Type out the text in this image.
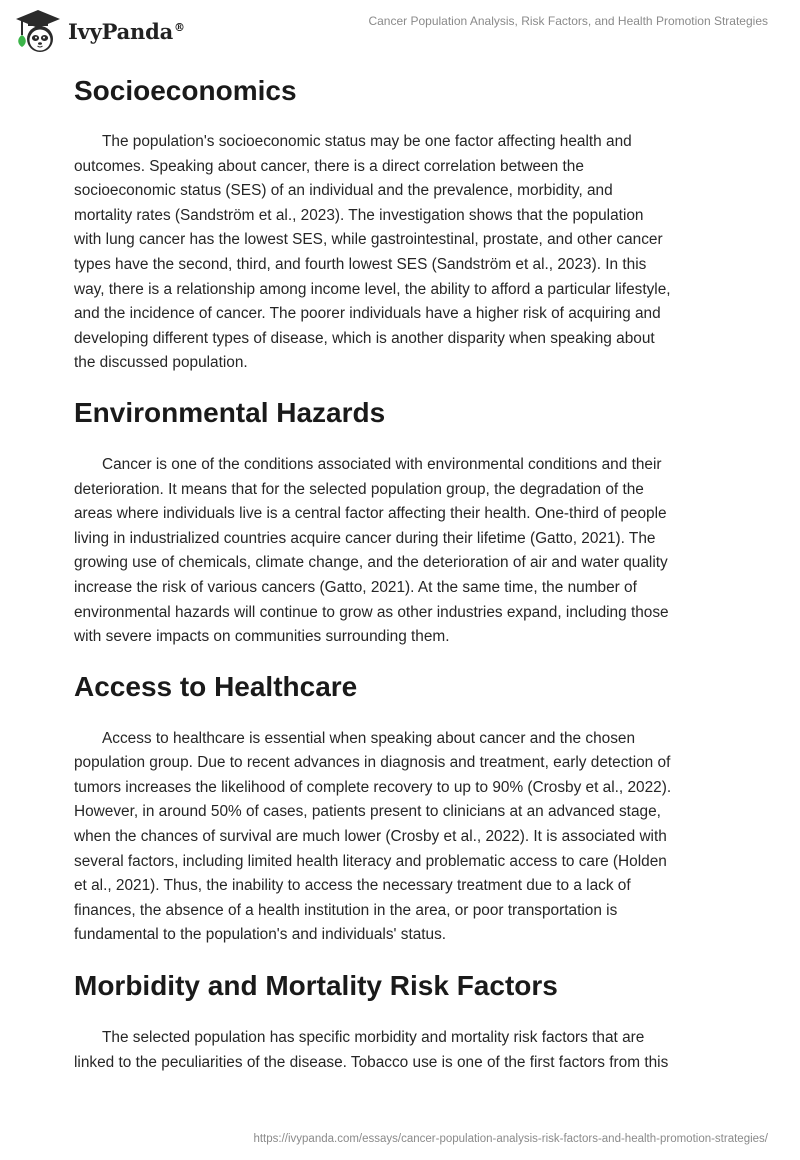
IvyPanda®	Cancer Population Analysis, Risk Factors, and Health Promotion Strategies
Socioeconomics

The population's socioeconomic status may be one factor affecting health and
outcomes. Speaking about cancer, there is a direct correlation between the
socioeconomic status (SES) of an individual and the prevalence, morbidity, and
mortality rates (Sandström et al., 2023). The investigation shows that the population
with lung cancer has the lowest SES, while gastrointestinal, prostate, and other cancer
types have the second, third, and fourth lowest SES (Sandström et al., 2023). In this
way, there is a relationship among income level, the ability to afford a particular lifestyle,
and the incidence of cancer. The poorer individuals have a higher risk of acquiring and
developing different types of disease, which is another disparity when speaking about
the discussed population.

Environmental Hazards

Cancer is one of the conditions associated with environmental conditions and their
deterioration. It means that for the selected population group, the degradation of the
areas where individuals live is a central factor affecting their health. One-third of people
living in industrialized countries acquire cancer during their lifetime (Gatto, 2021). The
growing use of chemicals, climate change, and the deterioration of air and water quality
increase the risk of various cancers (Gatto, 2021). At the same time, the number of
environmental hazards will continue to grow as other industries expand, including those
with severe impacts on communities surrounding them.

Access to Healthcare

Access to healthcare is essential when speaking about cancer and the chosen
population group. Due to recent advances in diagnosis and treatment, early detection of
tumors increases the likelihood of complete recovery to up to 90% (Crosby et al., 2022).
However, in around 50% of cases, patients present to clinicians at an advanced stage,
when the chances of survival are much lower (Crosby et al., 2022). It is associated with
several factors, including limited health literacy and problematic access to care (Holden
et al., 2021). Thus, the inability to access the necessary treatment due to a lack of
finances, the absence of a health institution in the area, or poor transportation is
fundamental to the population's and individuals' status.

Morbidity and Mortality Risk Factors

The selected population has specific morbidity and mortality risk factors that are
linked to the peculiarities of the disease. Tobacco use is one of the first factors from this

https://ivypanda.com/essays/cancer-population-analysis-risk-factors-and-health-promotion-strategies/
